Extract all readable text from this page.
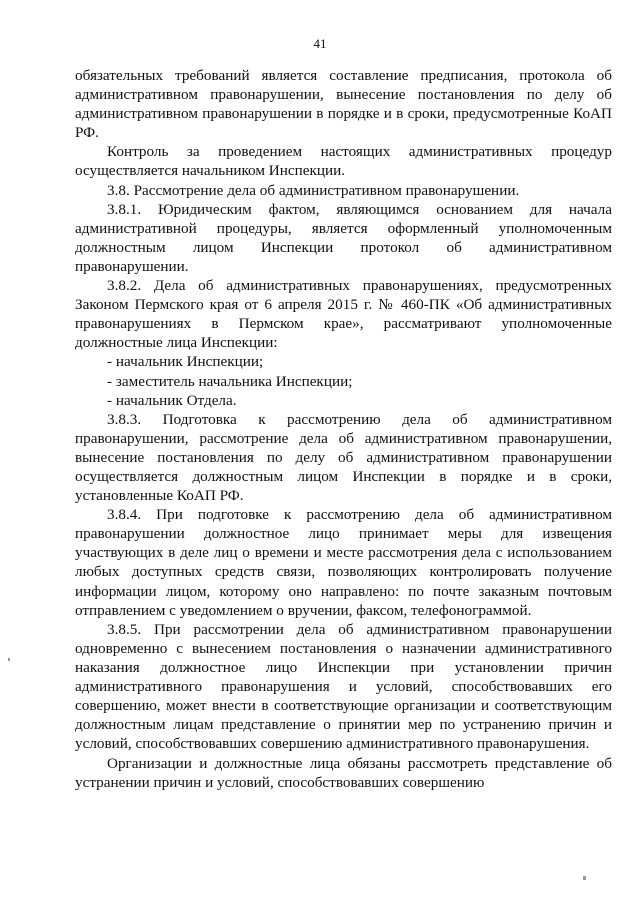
41

обязательных требований является составление предписания, протокола об административном правонарушении, вынесение постановления по делу об административном правонарушении в порядке и в сроки, предусмотренные КоАП РФ.

Контроль за проведением настоящих административных процедур осуществляется начальником Инспекции.

3.8. Рассмотрение дела об административном правонарушении.

3.8.1. Юридическим фактом, являющимся основанием для начала административной процедуры, является оформленный уполномоченным должностным лицом Инспекции протокол об административном правонарушении.

3.8.2. Дела об административных правонарушениях, предусмотренных Законом Пермского края от 6 апреля 2015 г. № 460-ПК «Об административных правонарушениях в Пермском крае», рассматривают уполномоченные должностные лица Инспекции:

- начальник Инспекции;

- заместитель начальника Инспекции;

- начальник Отдела.

3.8.3. Подготовка к рассмотрению дела об административном правонарушении, рассмотрение дела об административном правонарушении, вынесение постановления по делу об административном правонарушении осуществляется должностным лицом Инспекции в порядке и в сроки, установленные КоАП РФ.

3.8.4. При подготовке к рассмотрению дела об административном правонарушении должностное лицо принимает меры для извещения участвующих в деле лиц о времени и месте рассмотрения дела с использованием любых доступных средств связи, позволяющих контролировать получение информации лицом, которому оно направлено: по почте заказным почтовым отправлением с уведомлением о вручении, факсом, телефонограммой.

3.8.5. При рассмотрении дела об административном правонарушении одновременно с вынесением постановления о назначении административного наказания должностное лицо Инспекции при установлении причин административного правонарушения и условий, способствовавших его совершению, может внести в соответствующие организации и соответствующим должностным лицам представление о принятии мер по устранению причин и условий, способствовавших совершению административного правонарушения.

Организации и должностные лица обязаны рассмотреть представление об устранении причин и условий, способствовавших совершению
